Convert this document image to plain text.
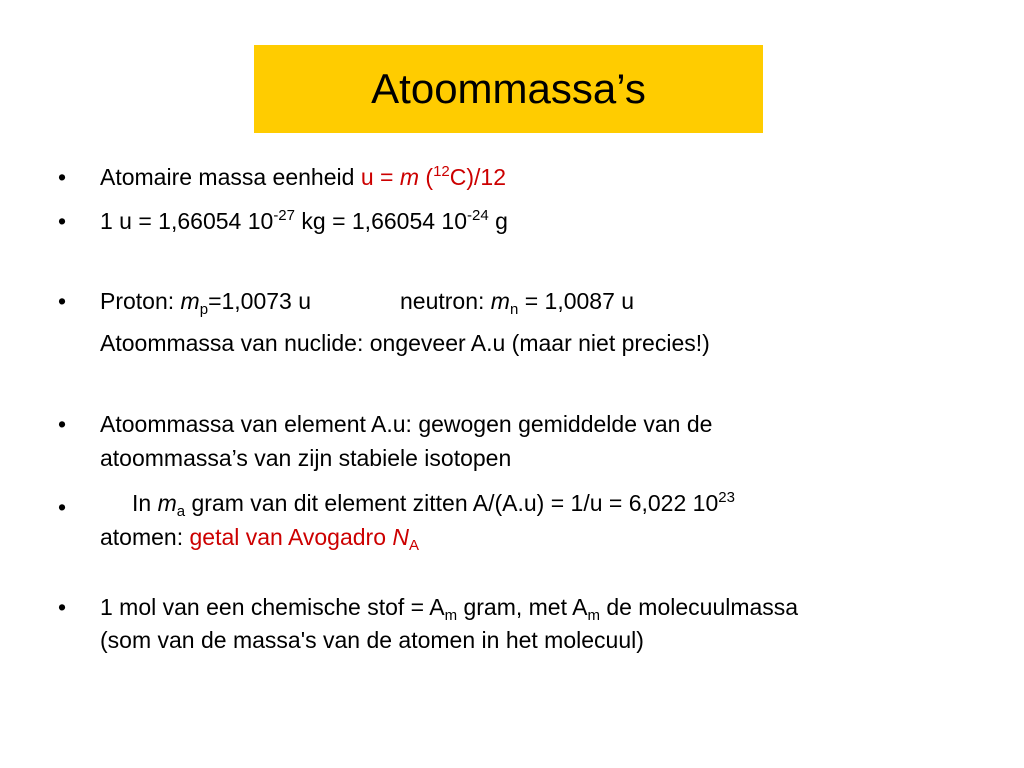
Atoommassa’s
• Atomaire massa eenheid u = m ($^{12}$C)/12
• 1 u = 1,66054 $10^{-27}$ kg = 1,66054 $10^{-24}$ g
• Proton: $m_p=1,0073$ u	neutron: $m_n = 1,0087$ u
Atoommassa van nuclide: ongeveer A.u (maar niet precies!)
• Atoommassa van element A.u: gewogen gemiddelde van de
atoommassa’s van zijn stabiele isotopen
•	In $m_a$ gram van dit element zitten A/(A.u) = 1/u = 6,022 $10^{23}$
atomen: getal van Avogadro $N_A$
• 1 mol van een chemische stof = $A_m$ gram, met $A_m$ de molecuulmassa
(som van de massa's van de atomen in het molecuul)
